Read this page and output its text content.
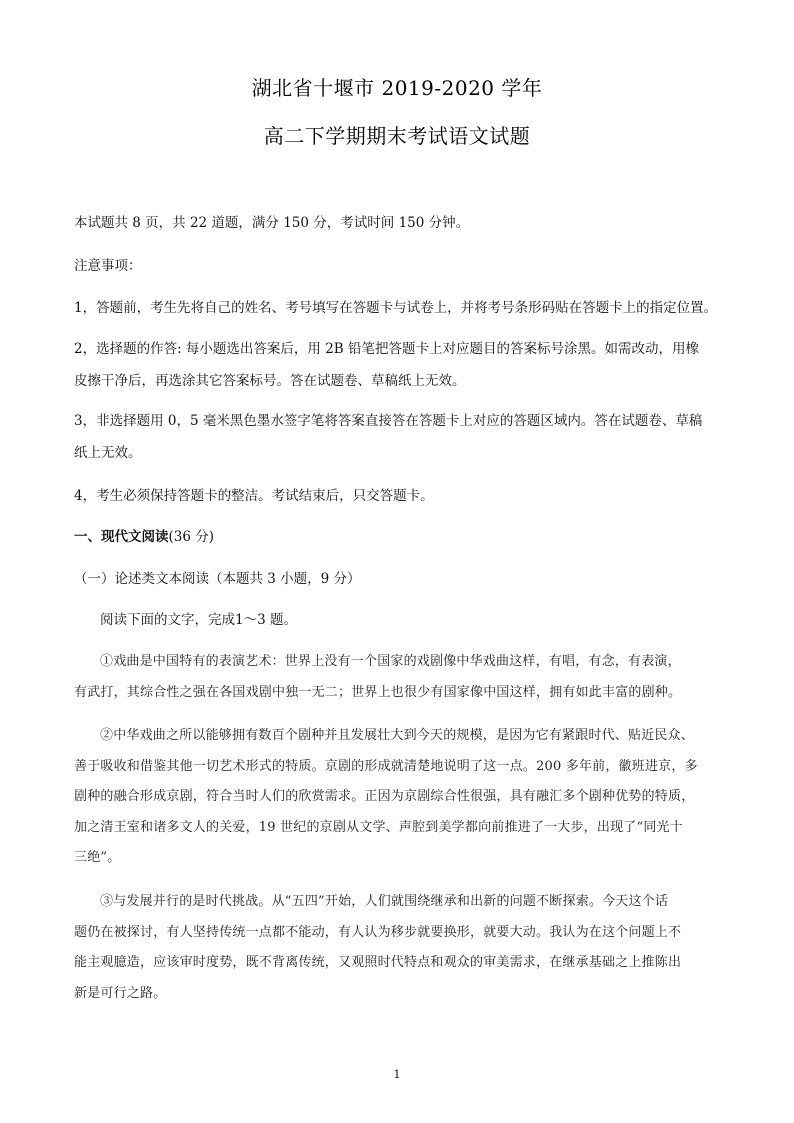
湖北省十堰市 2019-2020 学年
高二下学期期末考试语文试题
本试题共 8 页，共 22 道题，满分 150 分，考试时间 150 分钟。
注意事项：
1，答题前，考生先将自己的姓名、考号填写在答题卡与试卷上，并将考号条形码贴在答题卡上的指定位置。
2，选择题的作答: 每小题选出答案后，用 2B 铅笔把答题卡上对应题目的答案标号涂黑。如需改动，用橡
皮擦干净后，再选涂其它答案标号。答在试题卷、草稿纸上无效。
3，非选择题用 0，5 毫米黑色墨水签字笔将答案直接答在答题卡上对应的答题区域内。答在试题卷、草稿
纸上无效。
4，考生必须保持答题卡的整洁。考试结束后，只交答题卡。
一、现代文阅读(36 分)
（一）论述类文本阅读（本题共 3 小题，9 分）
阅读下面的文字，完成1～3 题。
①戏曲是中国特有的表演艺术：世界上没有一个国家的戏剧像中华戏曲这样，有唱，有念，有表演，
有武打，其综合性之强在各国戏剧中独一无二；世界上也很少有国家像中国这样，拥有如此丰富的剧种。
②中华戏曲之所以能够拥有数百个剧种并且发展壮大到今天的规模，是因为它有紧跟时代、贴近民众、
善于吸收和借鉴其他一切艺术形式的特质。京剧的形成就清楚地说明了这一点。200 多年前，徽班进京，多
剧种的融合形成京剧，符合当时人们的欣赏需求。正因为京剧综合性很强，具有融汇多个剧种优势的特质，
加之清王室和诸多文人的关爱，19 世纪的京剧从文学、声腔到美学都向前推进了一大步，出现了“同光十
三绝”。
③与发展并行的是时代挑战。从“五四”开始，人们就围绕继承和出新的问题不断探索。今天这个话
题仍在被探讨，有人坚持传统一点都不能动，有人认为移步就要换形，就要大动。我认为在这个问题上不
能主观臆造，应该审时度势，既不背离传统，又观照时代特点和观众的审美需求，在继承基础之上推陈出
新是可行之路。
1
